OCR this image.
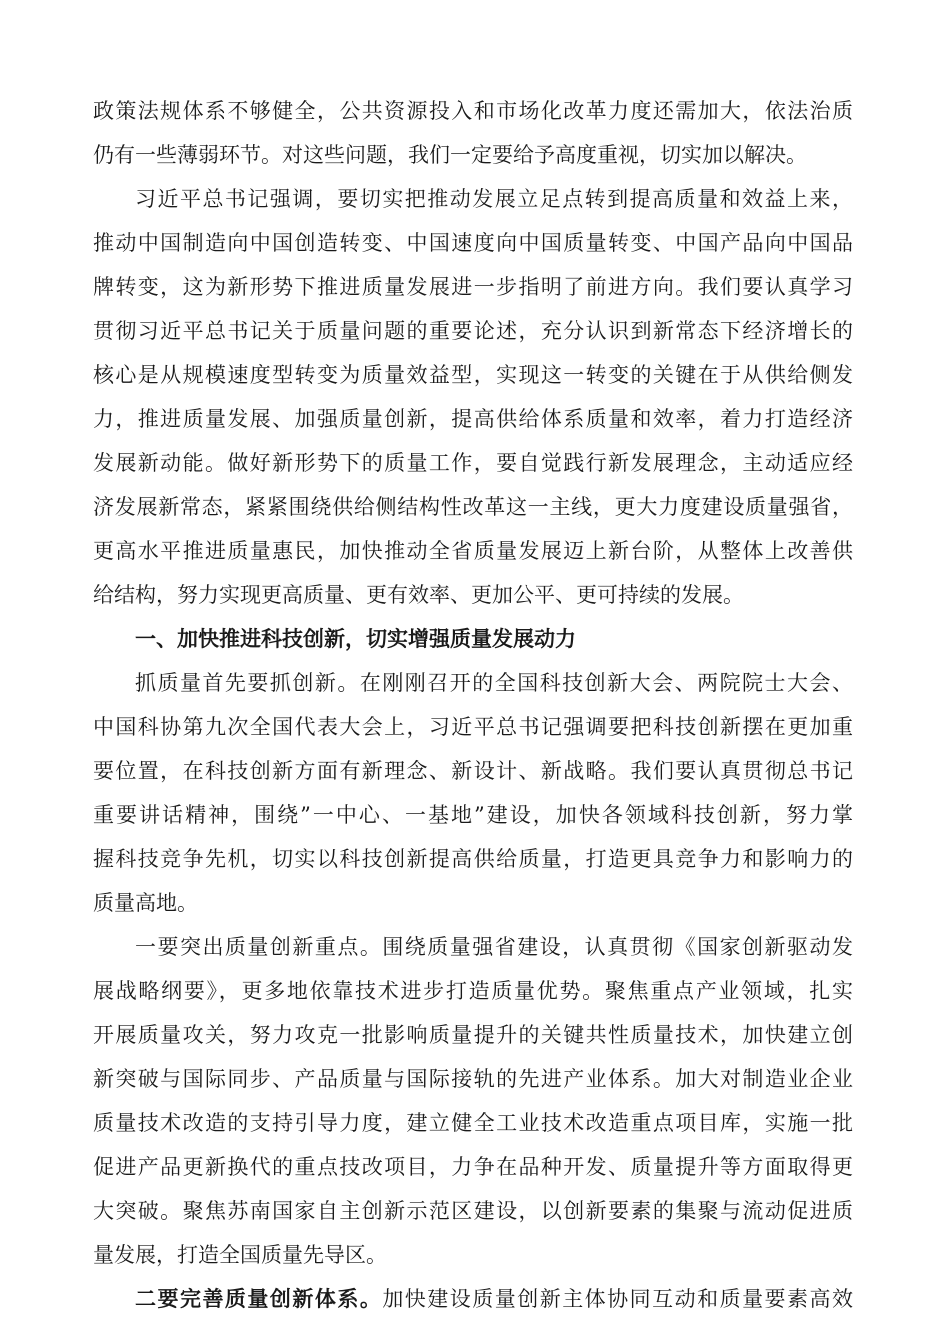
政策法规体系不够健全，公共资源投入和市场化改革力度还需加大，依法治质
仍有一些薄弱环节。对这些问题，我们一定要给予高度重视，切实加以解决。
习近平总书记强调，要切实把推动发展立足点转到提高质量和效益上来，
推动中国制造向中国创造转变、中国速度向中国质量转变、中国产品向中国品
牌转变，这为新形势下推进质量发展进一步指明了前进方向。我们要认真学习
贯彻习近平总书记关于质量问题的重要论述，充分认识到新常态下经济增长的
核心是从规模速度型转变为质量效益型，实现这一转变的关键在于从供给侧发
力，推进质量发展、加强质量创新，提高供给体系质量和效率，着力打造经济
发展新动能。做好新形势下的质量工作，要自觉践行新发展理念，主动适应经
济发展新常态，紧紧围绕供给侧结构性改革这一主线，更大力度建设质量强省，
更高水平推进质量惠民，加快推动全省质量发展迈上新台阶，从整体上改善供
给结构，努力实现更高质量、更有效率、更加公平、更可持续的发展。
一、加快推进科技创新，切实增强质量发展动力
抓质量首先要抓创新。在刚刚召开的全国科技创新大会、两院院士大会、
中国科协第九次全国代表大会上，习近平总书记强调要把科技创新摆在更加重
要位置，在科技创新方面有新理念、新设计、新战略。我们要认真贯彻总书记
重要讲话精神，围绕”一中心、一基地”建设，加快各领域科技创新，努力掌
握科技竞争先机，切实以科技创新提高供给质量，打造更具竞争力和影响力的
质量高地。
一要突出质量创新重点。围绕质量强省建设，认真贯彻《国家创新驱动发
展战略纲要》，更多地依靠技术进步打造质量优势。聚焦重点产业领域，扎实
开展质量攻关，努力攻克一批影响质量提升的关键共性质量技术，加快建立创
新突破与国际同步、产品质量与国际接轨的先进产业体系。加大对制造业企业
质量技术改造的支持引导力度，建立健全工业技术改造重点项目库，实施一批
促进产品更新换代的重点技改项目，力争在品种开发、质量提升等方面取得更
大突破。聚焦苏南国家自主创新示范区建设，以创新要素的集聚与流动促进质
量发展，打造全国质量先导区。
二要完善质量创新体系。加快建设质量创新主体协同互动和质量要素高效
